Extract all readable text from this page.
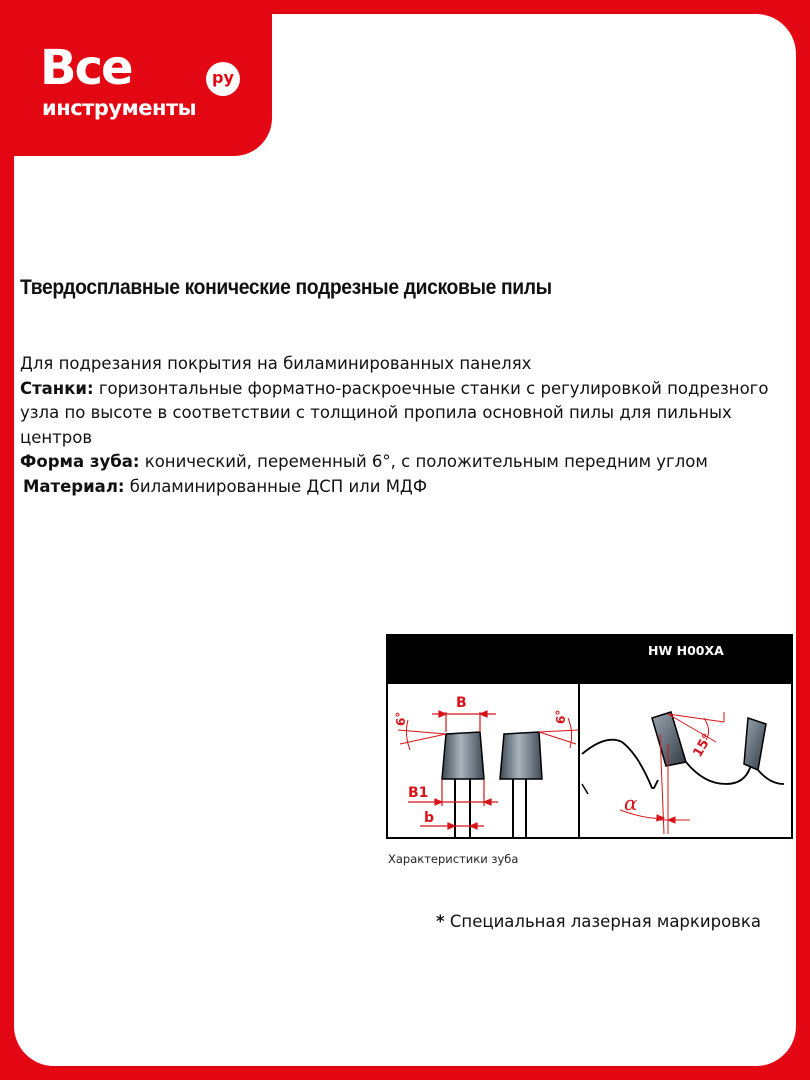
Все	ру
инструменты
Твердосплавные конические подрезные дисковые пилы
Для подрезания покрытия на биламинированных панелях
Станки: горизонтальные форматно-раскроечные станки с регулировкой подрезного
узла по высоте в соответствии с толщиной пропила основной пилы для пильных
центров
Форма зуба: конический, переменный 6°, с положительным передним углом
Материал: биламинированные ДСП или МДФ
HW H00XA
B
B1
b
6°	6°
15°
α
Характеристики зуба
* Специальная лазерная маркировка
